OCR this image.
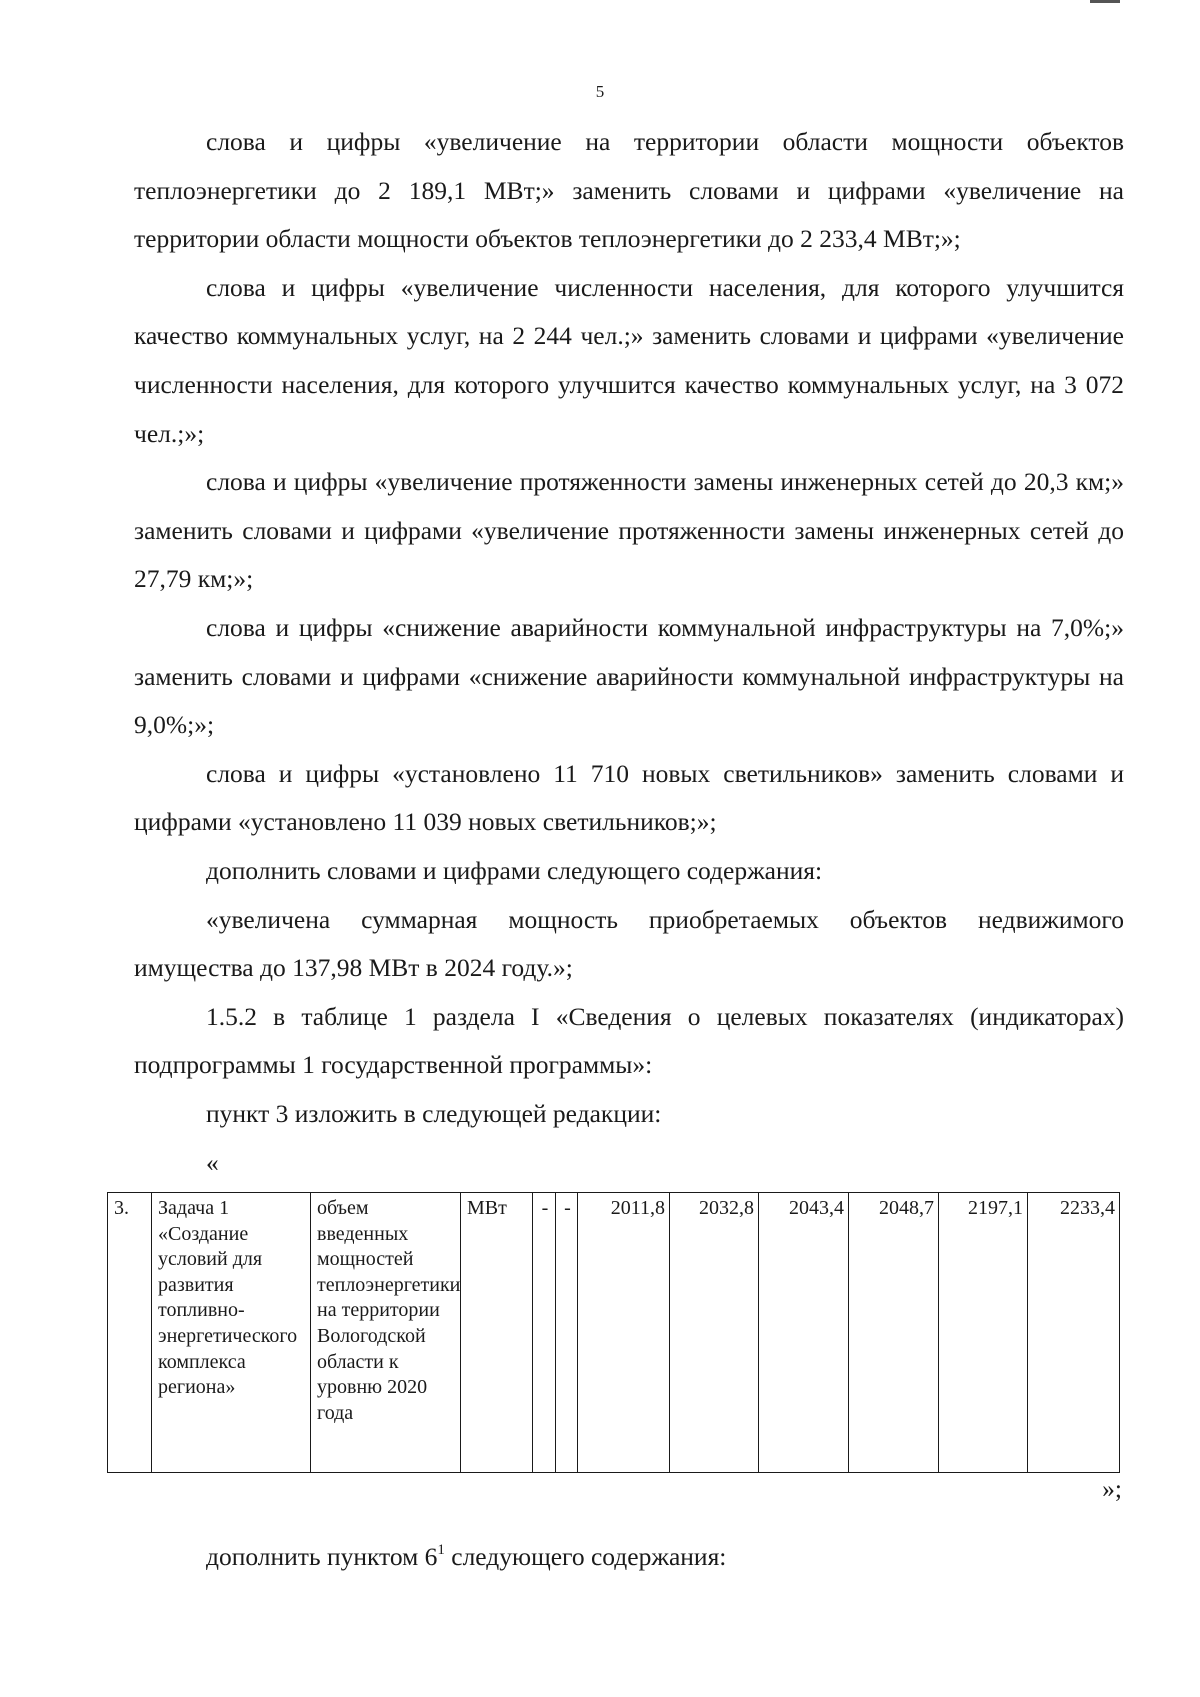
5

слова и цифры «увеличение на территории области мощности объектов теплоэнергетики до 2 189,1 МВт;» заменить словами и цифрами «увеличение на территории области мощности объектов теплоэнергетики до 2 233,4 МВт;»;

слова и цифры «увеличение численности населения, для которого улучшится качество коммунальных услуг, на 2 244 чел.;» заменить словами и цифрами «увеличение численности населения, для которого улучшится качество коммунальных услуг, на 3 072 чел.;»;

слова и цифры «увеличение протяженности замены инженерных сетей до 20,3 км;» заменить словами и цифрами «увеличение протяженности замены инженерных сетей до 27,79 км;»;

слова и цифры «снижение аварийности коммунальной инфраструктуры на 7,0%;» заменить словами и цифрами «снижение аварийности коммунальной инфраструктуры на 9,0%;»;

слова и цифры «установлено 11 710 новых светильников» заменить словами и цифрами «установлено 11 039 новых светильников;»;

дополнить словами и цифрами следующего содержания:

«увеличена суммарная мощность приобретаемых объектов недвижимого имущества до 137,98 МВт в 2024 году.»;

1.5.2 в таблице 1 раздела I «Сведения о целевых показателях (индикаторах) подпрограммы 1 государственной программы»:

пункт 3 изложить в следующей редакции:

«

3.	Задача 1 «Создание условий для развития топливно-энергетического комплекса региона»	объем введенных мощностей теплоэнергетики на территории Вологодской области к уровню 2020 года	МВт	-	-	2011,8	2032,8	2043,4	2048,7	2197,1	2233,4
»;
дополнить пунктом $6^1$ следующего содержания:
